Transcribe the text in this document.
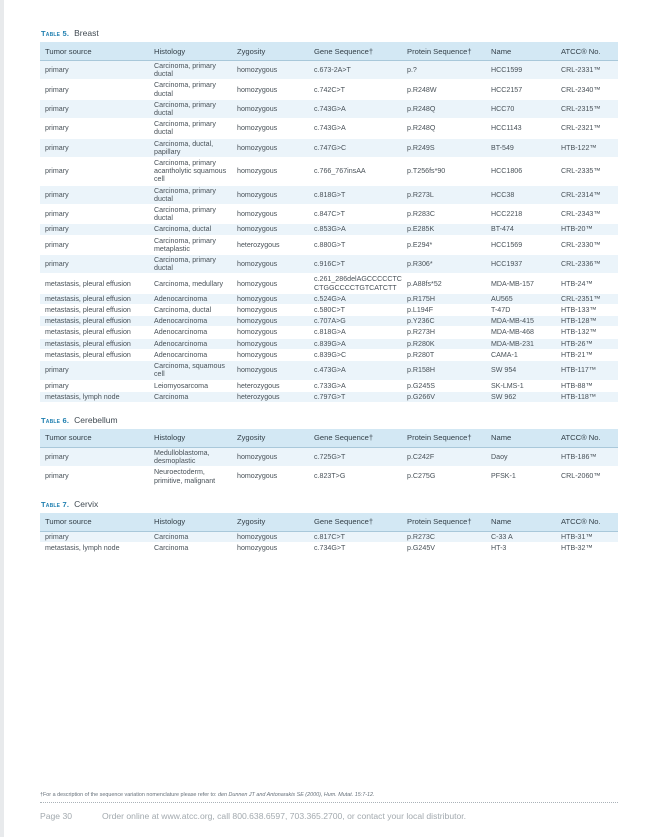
Table 5. Breast
Tumor source	Histology	Zygosity	Gene Sequence†	Protein Sequence†	Name	ATCC® No.
primary	Carcinoma, primary ductal	homozygous	c.673-2A>T	p.?	HCC1599	CRL-2331™
primary	Carcinoma, primary ductal	homozygous	c.742C>T	p.R248W	HCC2157	CRL-2340™
primary	Carcinoma, primary ductal	homozygous	c.743G>A	p.R248Q	HCC70	CRL-2315™
primary	Carcinoma, primary ductal	homozygous	c.743G>A	p.R248Q	HCC1143	CRL-2321™
primary	Carcinoma, ductal, papillary	homozygous	c.747G>C	p.R249S	BT-549	HTB-122™
primary	Carcinoma, primary acantholytic squamous cell	homozygous	c.766_767insAA	p.T256fs*90	HCC1806	CRL-2335™
primary	Carcinoma, primary ductal	homozygous	c.818G>T	p.R273L	HCC38	CRL-2314™
primary	Carcinoma, primary ductal	homozygous	c.847C>T	p.R283C	HCC2218	CRL-2343™
primary	Carcinoma, ductal	homozygous	c.853G>A	p.E285K	BT-474	HTB-20™
primary	Carcinoma, primary metaplastic	heterozygous	c.880G>T	p.E294*	HCC1569	CRL-2330™
primary	Carcinoma, primary ductal	homozygous	c.916C>T	p.R306*	HCC1937	CRL-2336™
metastasis, pleural effusion	Carcinoma, medullary	homozygous	c.261_286delAGCCCCCTCCTGGCCCCTGTCATCTT	p.A88fs*52	MDA-MB-157	HTB-24™
metastasis, pleural effusion	Adenocarcinoma	homozygous	c.524G>A	p.R175H	AU565	CRL-2351™
metastasis, pleural effusion	Carcinoma, ductal	homozygous	c.580C>T	p.L194F	T-47D	HTB-133™
metastasis, pleural effusion	Adenocarcinoma	homozygous	c.707A>G	p.Y236C	MDA-MB-415	HTB-128™
metastasis, pleural effusion	Adenocarcinoma	homozygous	c.818G>A	p.R273H	MDA-MB-468	HTB-132™
metastasis, pleural effusion	Adenocarcinoma	homozygous	c.839G>A	p.R280K	MDA-MB-231	HTB-26™
metastasis, pleural effusion	Adenocarcinoma	homozygous	c.839G>C	p.R280T	CAMA-1	HTB-21™
primary	Carcinoma, squamous cell	homozygous	c.473G>A	p.R158H	SW 954	HTB-117™
primary	Leiomyosarcoma	heterozygous	c.733G>A	p.G245S	SK-LMS-1	HTB-88™
metastasis, lymph node	Carcinoma	heterozygous	c.797G>T	p.G266V	SW 962	HTB-118™
Table 6. Cerebellum
Tumor source	Histology	Zygosity	Gene Sequence†	Protein Sequence†	Name	ATCC® No.
primary	Medulloblastoma, desmoplastic	homozygous	c.725G>T	p.C242F	Daoy	HTB-186™
primary	Neuroectoderm, primitive, malignant	homozygous	c.823T>G	p.C275G	PFSK-1	CRL-2060™
Table 7. Cervix
Tumor source	Histology	Zygosity	Gene Sequence†	Protein Sequence†	Name	ATCC® No.
primary	Carcinoma	homozygous	c.817C>T	p.R273C	C-33 A	HTB-31™
metastasis, lymph node	Carcinoma	homozygous	c.734G>T	p.G245V	HT-3	HTB-32™
†For a description of the sequence variation nomenclature please refer to: den Dunnen JT and Antonarakis SE (2000), Hum. Mutat. 15:7-12.
Page 30	Order online at www.atcc.org, call 800.638.6597, 703.365.2700, or contact your local distributor.
